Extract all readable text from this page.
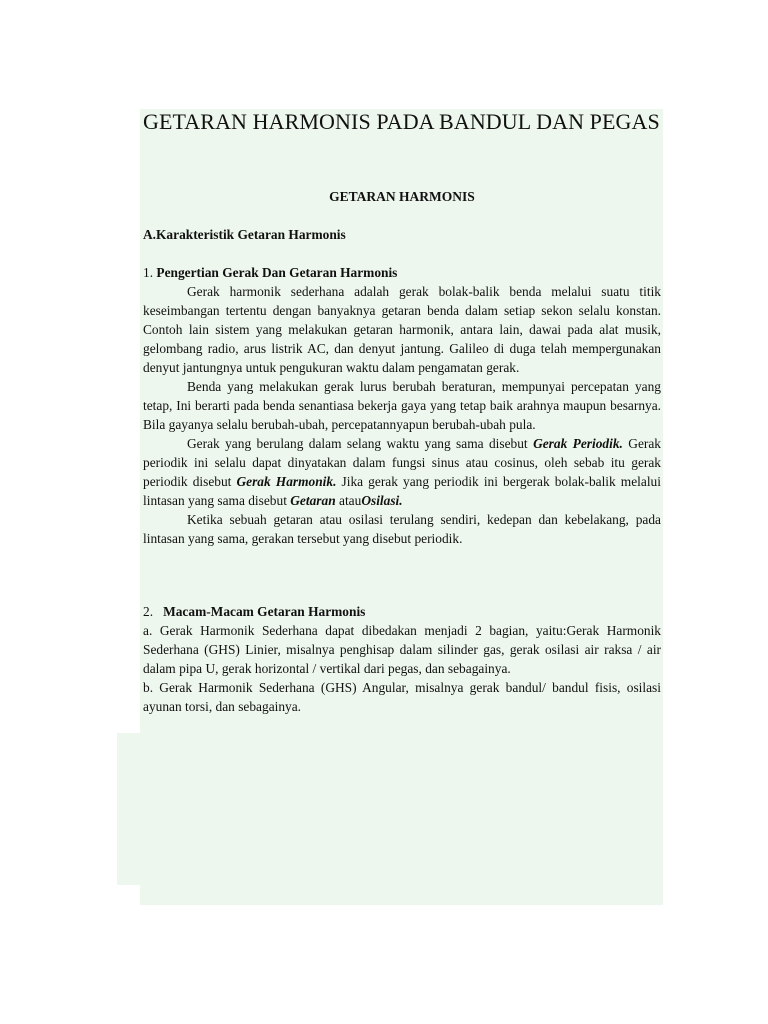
GETARAN HARMONIS PADA BANDUL DAN PEGAS

GETARAN HARMONIS

A.Karakteristik Getaran Harmonis

1. Pengertian Gerak Dan Getaran Harmonis

Gerak harmonik sederhana adalah gerak bolak-balik benda melalui suatu titik keseimbangan tertentu dengan banyaknya getaran benda dalam setiap sekon selalu konstan. Contoh lain sistem yang melakukan getaran harmonik, antara lain, dawai pada alat musik, gelombang radio, arus listrik AC, dan denyut jantung. Galileo di duga telah mempergunakan denyut jantungnya untuk pengukuran waktu dalam pengamatan gerak.

Benda yang melakukan gerak lurus berubah beraturan, mempunyai percepatan yang tetap, Ini berarti pada benda senantiasa bekerja gaya yang tetap baik arahnya maupun besarnya. Bila gayanya selalu berubah-ubah, percepatannyapun berubah-ubah pula.

Gerak yang berulang dalam selang waktu yang sama disebut Gerak Periodik. Gerak periodik ini selalu dapat dinyatakan dalam fungsi sinus atau cosinus, oleh sebab itu gerak periodik disebut Gerak Harmonik. Jika gerak yang periodik ini bergerak bolak-balik melalui lintasan yang sama disebut Getaran atauOsilasi.

Ketika sebuah getaran atau osilasi terulang sendiri, kedepan dan kebelakang, pada lintasan yang sama, gerakan tersebut yang disebut periodik.

2.   Macam-Macam Getaran Harmonis

a. Gerak Harmonik Sederhana dapat dibedakan menjadi 2 bagian, yaitu:Gerak Harmonik Sederhana (GHS) Linier, misalnya penghisap dalam silinder gas, gerak osilasi air raksa / air dalam pipa U, gerak horizontal / vertikal dari pegas, dan sebagainya.

b. Gerak Harmonik Sederhana (GHS) Angular, misalnya gerak bandul/ bandul fisis, osilasi ayunan torsi, dan sebagainya.
